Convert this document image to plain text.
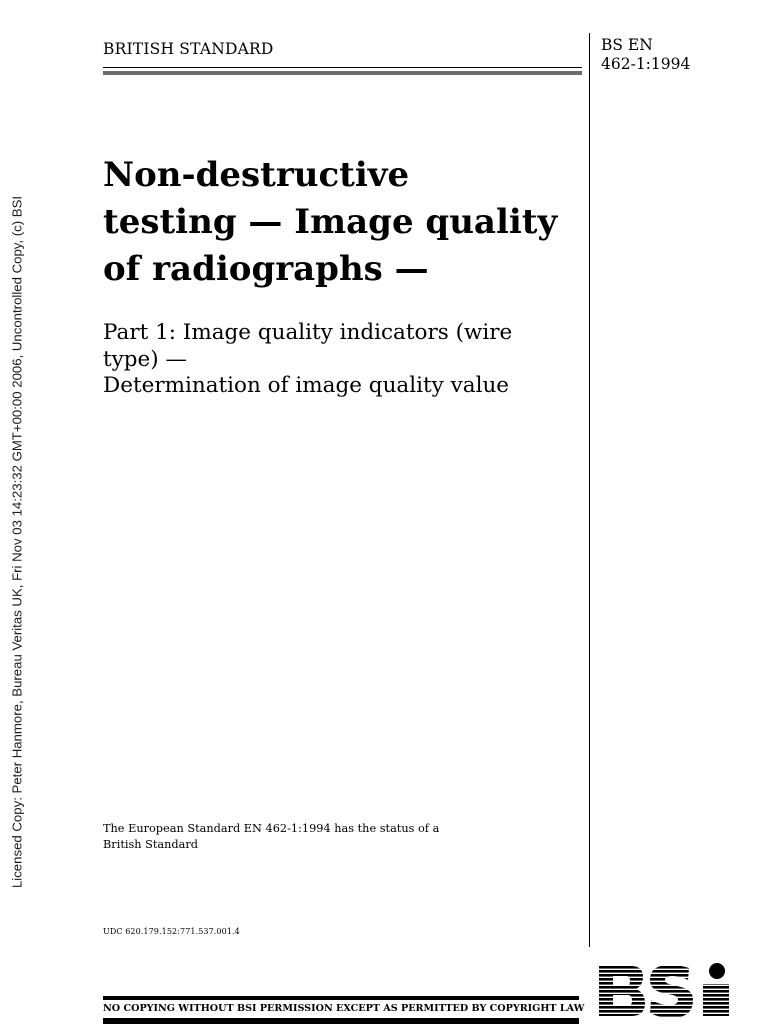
Licensed Copy: Peter Hanmore, Bureau Veritas UK, Fri Nov 03 14:23:32 GMT+00:00 2006, Uncontrolled Copy, (c) BSI
BRITISH STANDARD	BS EN
462-1:1994
Non-destructive
testing — Image quality
of radiographs —
Part 1: Image quality indicators (wire
type) —
Determination of image quality value
The European Standard EN 462-1:1994 has the status of a
British Standard
UDC 620.179.152:771.537.001.4
NO COPYING WITHOUT BSI PERMISSION EXCEPT AS PERMITTED BY COPYRIGHT LAW
